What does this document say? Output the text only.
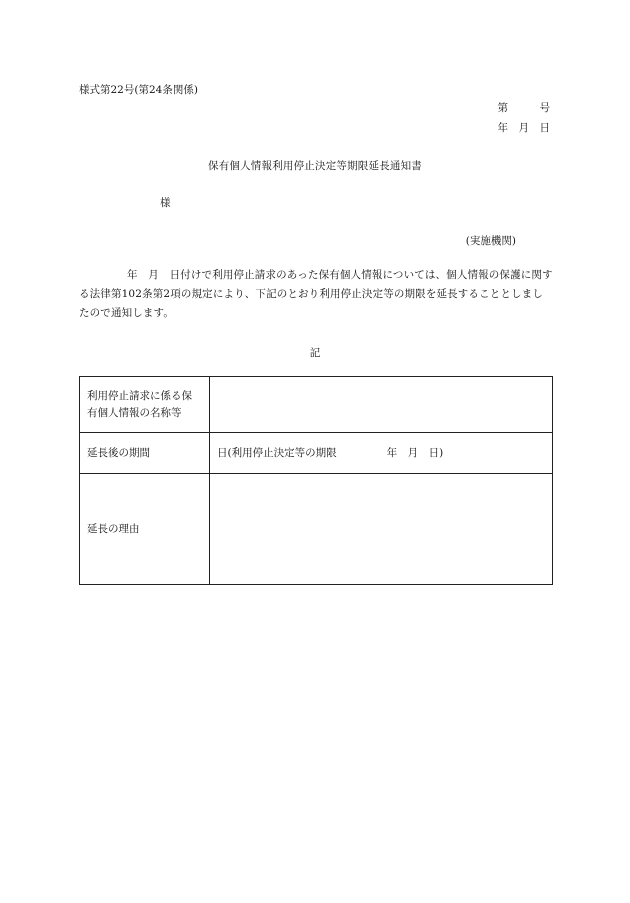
様式第22号(第24条関係)
第　　　号
年　月　日
保有個人情報利用停止決定等期限延長通知書
様
(実施機関)
年　月　日付けで利用停止請求のあった保有個人情報については、個人情報の保護に関する法律第102条第2項の規定により、下記のとおり利用停止決定等の期限を延長することとしましたので通知します。
記
利用停止請求に係る保有個人情報の名称等	
延長後の期間	日(利用停止決定等の期限 年　月　日)
延長の理由	
